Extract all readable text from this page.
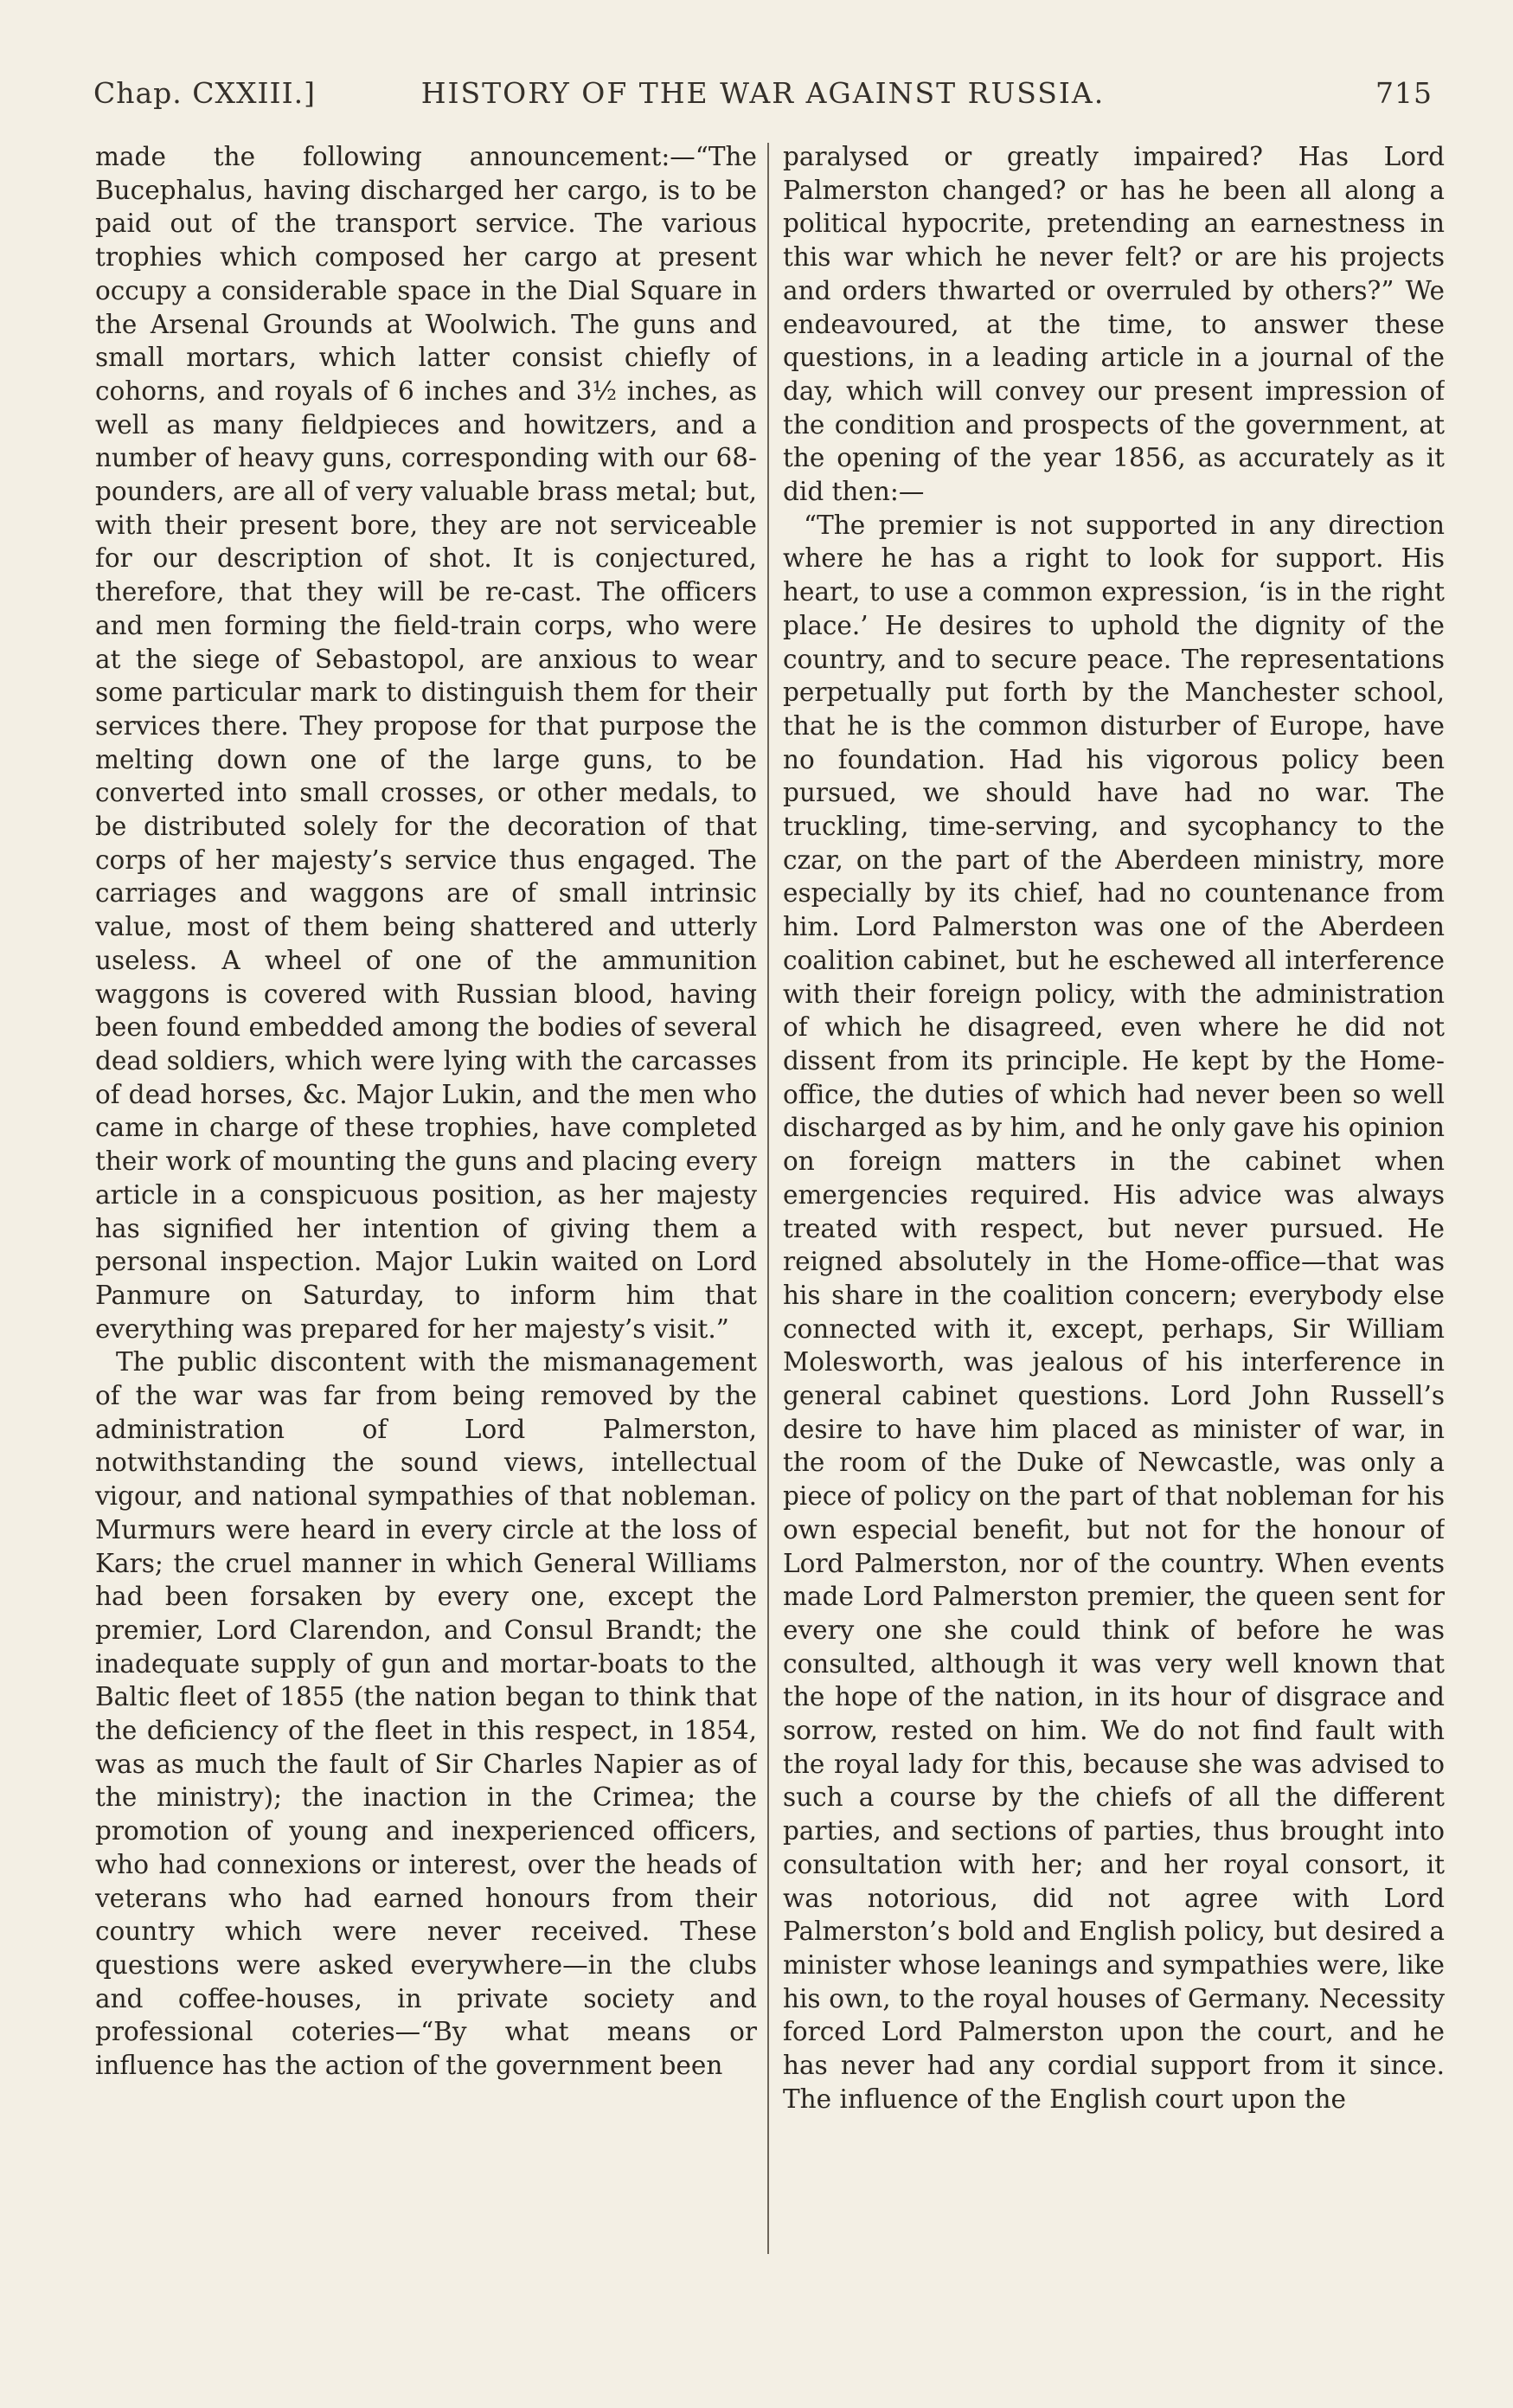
HISTORY OF THE WAR AGAINST RUSSIA.
Chap. CXXIII.]	715

made the following announcement:—“The Bucephalus, having discharged her cargo, is to be paid out of the transport service. The various trophies which composed her cargo at present occupy a considerable space in the Dial Square in the Arsenal Grounds at Woolwich. The guns and small mortars, which latter consist chiefly of cohorns, and royals of 6 inches and 3½ inches, as well as many fieldpieces and howitzers, and a number of heavy guns, corresponding with our 68-pounders, are all of very valuable brass metal; but, with their present bore, they are not serviceable for our description of shot. It is conjectured, therefore, that they will be re-cast. The officers and men forming the field-train corps, who were at the siege of Sebastopol, are anxious to wear some particular mark to distinguish them for their services there. They propose for that purpose the melting down one of the large guns, to be converted into small crosses, or other medals, to be distributed solely for the decoration of that corps of her majesty’s service thus engaged. The carriages and waggons are of small intrinsic value, most of them being shattered and utterly useless. A wheel of one of the ammunition waggons is covered with Russian blood, having been found embedded among the bodies of several dead soldiers, which were lying with the carcasses of dead horses, &c. Major Lukin, and the men who came in charge of these trophies, have completed their work of mounting the guns and placing every article in a conspicuous position, as her majesty has signified her intention of giving them a personal inspection. Major Lukin waited on Lord Panmure on Saturday, to inform him that everything was prepared for her majesty’s visit.”

The public discontent with the mismanagement of the war was far from being removed by the administration of Lord Palmerston, notwithstanding the sound views, intellectual vigour, and national sympathies of that nobleman. Murmurs were heard in every circle at the loss of Kars; the cruel manner in which General Williams had been forsaken by every one, except the premier, Lord Clarendon, and Consul Brandt; the inadequate supply of gun and mortar-boats to the Baltic fleet of 1855 (the nation began to think that the deficiency of the fleet in this respect, in 1854, was as much the fault of Sir Charles Napier as of the ministry); the inaction in the Crimea; the promotion of young and inexperienced officers, who had connexions or interest, over the heads of veterans who had earned honours from their country which were never received. These questions were asked everywhere—in the clubs and coffee-houses, in private society and professional coteries—“By what means or influence has the action of the government been

paralysed or greatly impaired? Has Lord Palmerston changed? or has he been all along a political hypocrite, pretending an earnestness in this war which he never felt? or are his projects and orders thwarted or overruled by others?” We endeavoured, at the time, to answer these questions, in a leading article in a journal of the day, which will convey our present impression of the condition and prospects of the government, at the opening of the year 1856, as accurately as it did then:—

“The premier is not supported in any direction where he has a right to look for support. His heart, to use a common expression, ‘is in the right place.’ He desires to uphold the dignity of the country, and to secure peace. The representations perpetually put forth by the Manchester school, that he is the common disturber of Europe, have no foundation. Had his vigorous policy been pursued, we should have had no war. The truckling, time-serving, and sycophancy to the czar, on the part of the Aberdeen ministry, more especially by its chief, had no countenance from him. Lord Palmerston was one of the Aberdeen coalition cabinet, but he eschewed all interference with their foreign policy, with the administration of which he disagreed, even where he did not dissent from its principle. He kept by the Home-office, the duties of which had never been so well discharged as by him, and he only gave his opinion on foreign matters in the cabinet when emergencies required. His advice was always treated with respect, but never pursued. He reigned absolutely in the Home-office—that was his share in the coalition concern; everybody else connected with it, except, perhaps, Sir William Molesworth, was jealous of his interference in general cabinet questions. Lord John Russell’s desire to have him placed as minister of war, in the room of the Duke of Newcastle, was only a piece of policy on the part of that nobleman for his own especial benefit, but not for the honour of Lord Palmerston, nor of the country. When events made Lord Palmerston premier, the queen sent for every one she could think of before he was consulted, although it was very well known that the hope of the nation, in its hour of disgrace and sorrow, rested on him. We do not find fault with the royal lady for this, because she was advised to such a course by the chiefs of all the different parties, and sections of parties, thus brought into consultation with her; and her royal consort, it was notorious, did not agree with Lord Palmerston’s bold and English policy, but desired a minister whose leanings and sympathies were, like his own, to the royal houses of Germany. Necessity forced Lord Palmerston upon the court, and he has never had any cordial support from it since. The influence of the English court upon the
